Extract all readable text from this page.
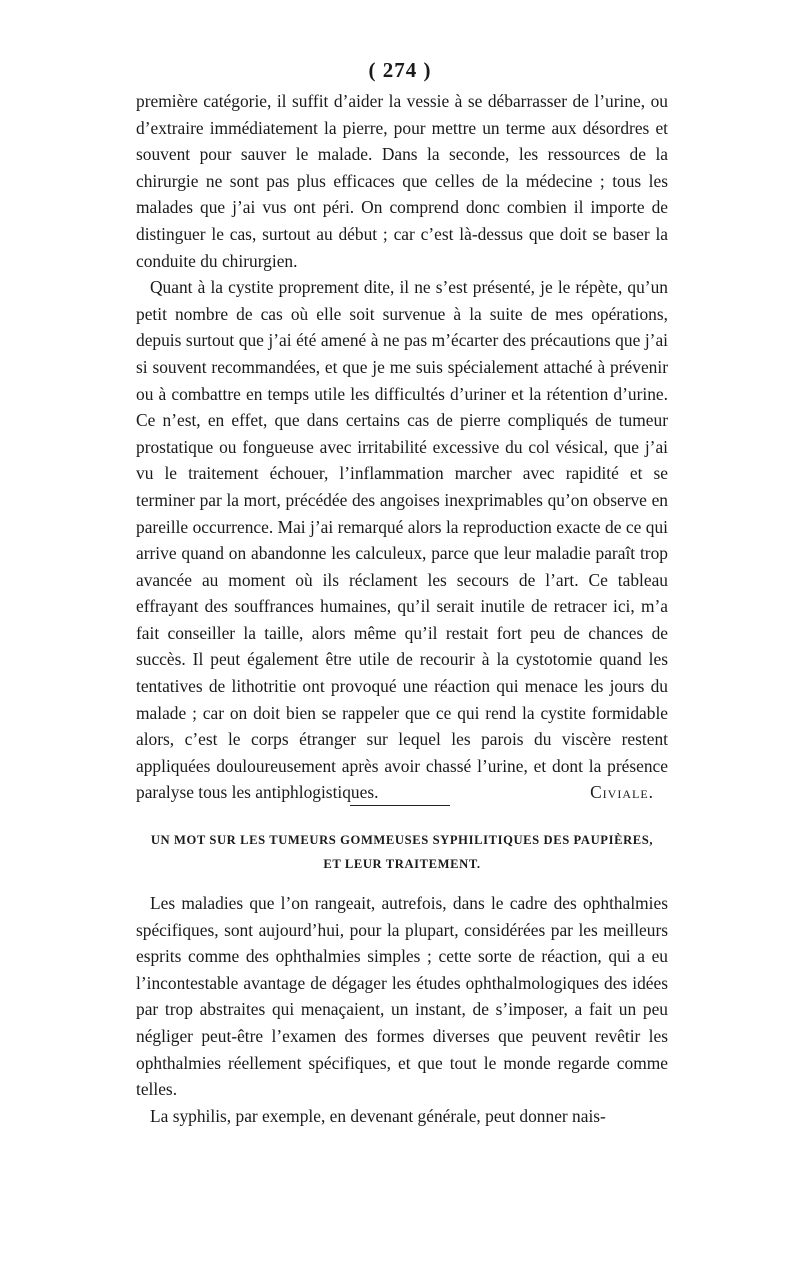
( 274 )

première catégorie, il suffit d’aider la vessie à se débarrasser de l’urine, ou d’extraire immédiatement la pierre, pour mettre un terme aux désordres et souvent pour sauver le malade. Dans la seconde, les ressources de la chirurgie ne sont pas plus efficaces que celles de la médecine ; tous les malades que j’ai vus ont péri. On comprend donc combien il importe de distinguer le cas, surtout au début ; car c’est là-dessus que doit se baser la conduite du chirurgien.

Quant à la cystite proprement dite, il ne s’est présenté, je le répète, qu’un petit nombre de cas où elle soit survenue à la suite de mes opérations, depuis surtout que j’ai été amené à ne pas m’écarter des précautions que j’ai si souvent recommandées, et que je me suis spécialement attaché à prévenir ou à combattre en temps utile les difficultés d’uriner et la rétention d’urine. Ce n’est, en effet, que dans certains cas de pierre compliqués de tumeur prostatique ou fongueuse avec irritabilité excessive du col vésical, que j’ai vu le traitement échouer, l’inflammation marcher avec rapidité et se terminer par la mort, précédée des angoises inexprimables qu’on observe en pareille occurrence. Mai j’ai remarqué alors la reproduction exacte de ce qui arrive quand on abandonne les calculeux, parce que leur maladie paraît trop avancée au moment où ils réclament les secours de l’art. Ce tableau effrayant des souffrances humaines, qu’il serait inutile de retracer ici, m’a fait conseiller la taille, alors même qu’il restait fort peu de chances de succès. Il peut également être utile de recourir à la cystotomie quand les tentatives de lithotritie ont provoqué une réaction qui menace les jours du malade ; car on doit bien se rappeler que ce qui rend la cystite formidable alors, c’est le corps étranger sur lequel les parois du viscère restent appliquées douloureusement après avoir chassé l’urine, et dont la présence paralyse tous les antiphlogistiques.	Civiale.

UN MOT SUR LES TUMEURS GOMMEUSES SYPHILITIQUES DES PAUPIÈRES,
ET LEUR TRAITEMENT.

Les maladies que l’on rangeait, autrefois, dans le cadre des ophthalmies spécifiques, sont aujourd’hui, pour la plupart, considérées par les meilleurs esprits comme des ophthalmies simples ; cette sorte de réaction, qui a eu l’incontestable avantage de dégager les études ophthalmologiques des idées par trop abstraites qui menaçaient, un instant, de s’imposer, a fait un peu négliger peut-être l’examen des formes diverses que peuvent revêtir les ophthalmies réellement spécifiques, et que tout le monde regarde comme telles.

La syphilis, par exemple, en devenant générale, peut donner nais-
